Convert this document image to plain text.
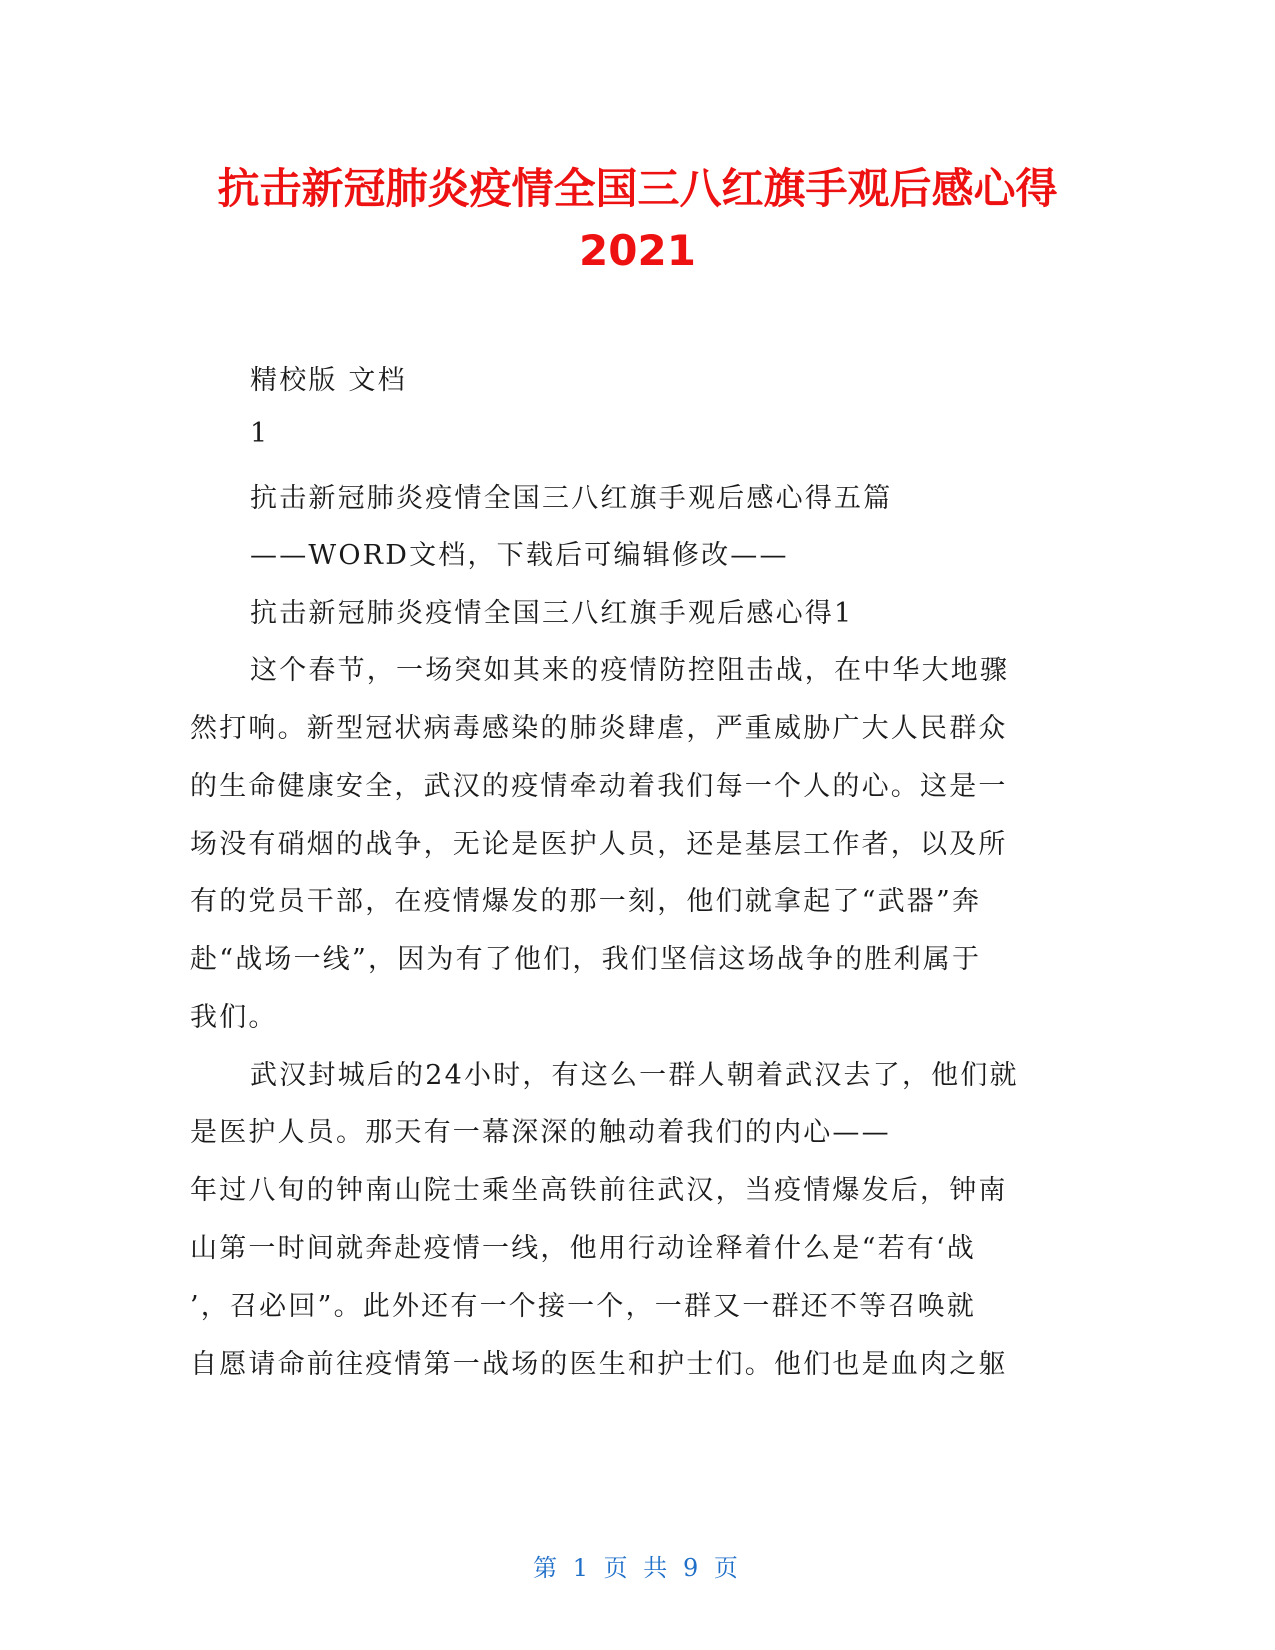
抗击新冠肺炎疫情全国三八红旗手观后感心得
2021
精校版 文档
1
抗击新冠肺炎疫情全国三八红旗手观后感心得五篇
——WORD文档，下载后可编辑修改——
抗击新冠肺炎疫情全国三八红旗手观后感心得1
这个春节，一场突如其来的疫情防控阻击战，在中华大地骤
然打响。新型冠状病毒感染的肺炎肆虐，严重威胁广大人民群众
的生命健康安全，武汉的疫情牵动着我们每一个人的心。这是一
场没有硝烟的战争，无论是医护人员，还是基层工作者，以及所
有的党员干部，在疫情爆发的那一刻，他们就拿起了“武器”奔
赴“战场一线”，因为有了他们，我们坚信这场战争的胜利属于
我们。
武汉封城后的24小时，有这么一群人朝着武汉去了，他们就
是医护人员。那天有一幕深深的触动着我们的内心——
年过八旬的钟南山院士乘坐高铁前往武汉，当疫情爆发后，钟南
山第一时间就奔赴疫情一线，他用行动诠释着什么是“若有‘战
’，召必回”。此外还有一个接一个，一群又一群还不等召唤就
自愿请命前往疫情第一战场的医生和护士们。他们也是血肉之躯
第 1 页 共 9 页
